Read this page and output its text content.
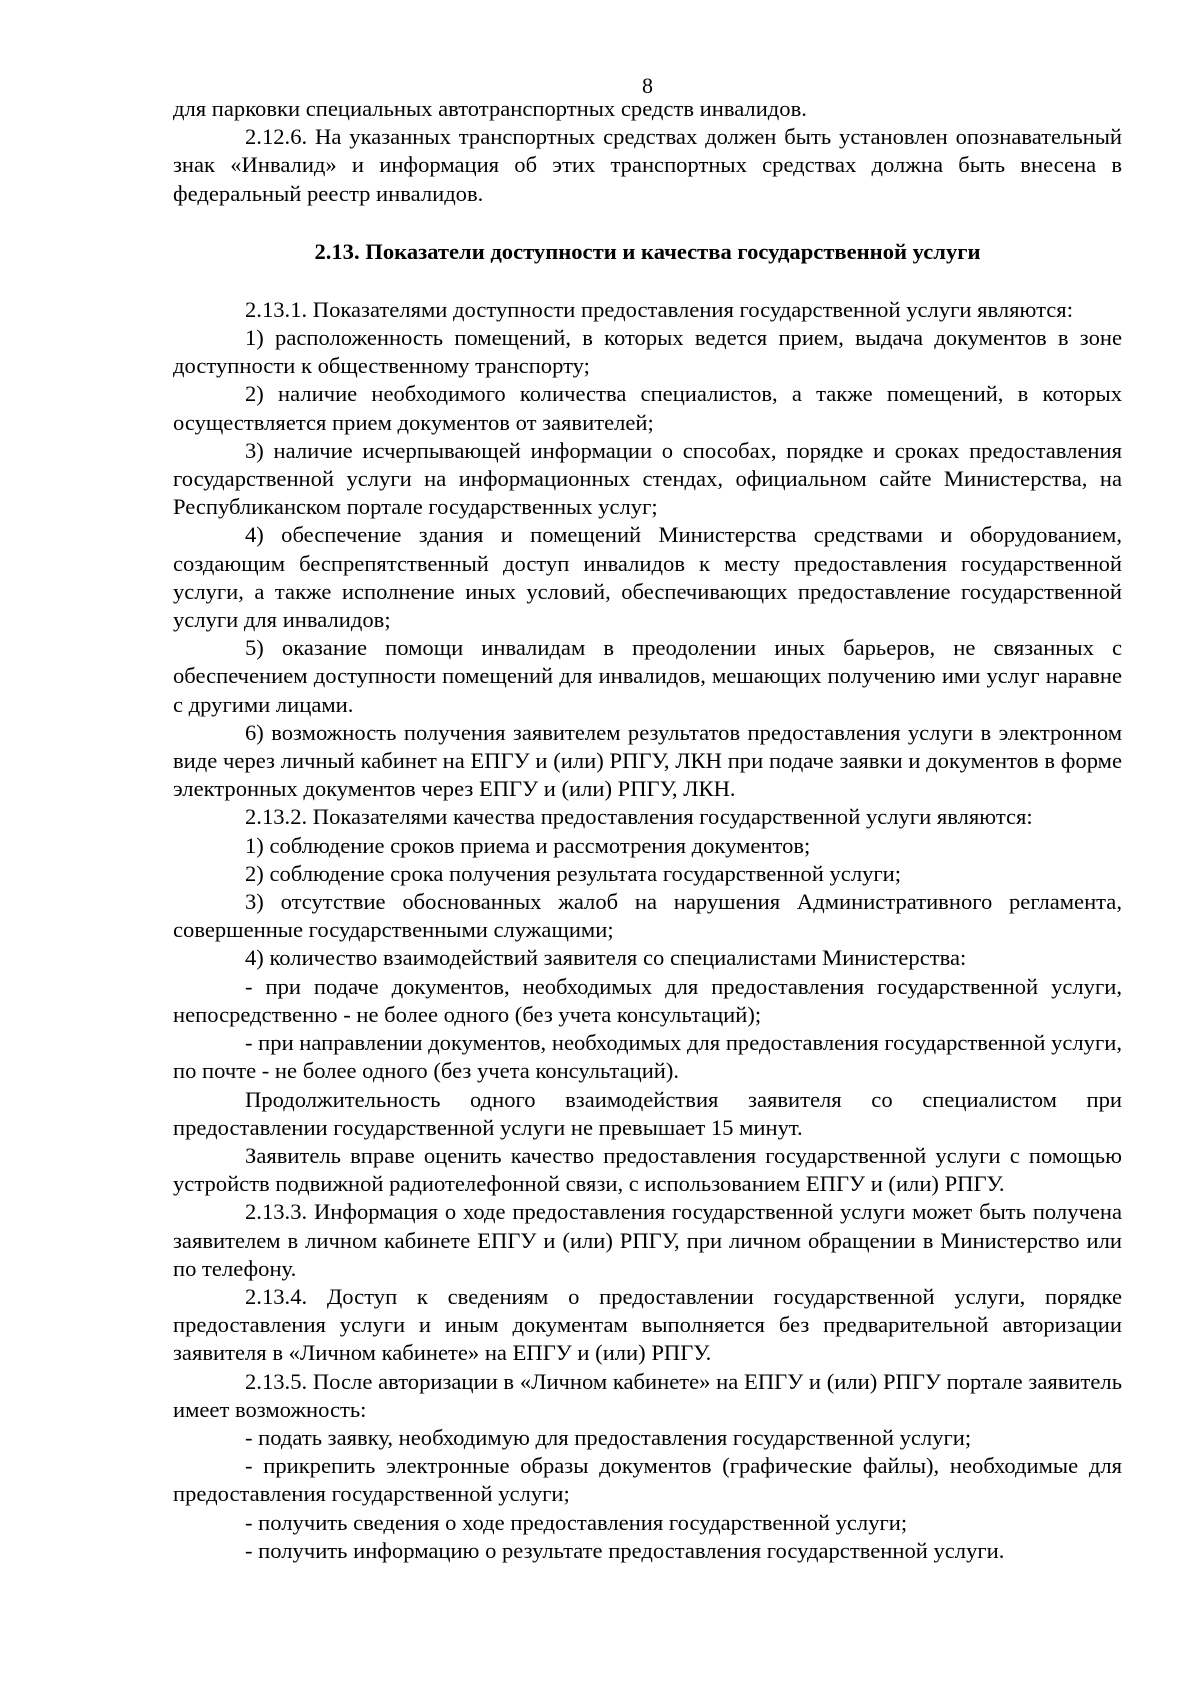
8

для парковки специальных автотранспортных средств инвалидов.

2.12.6. На указанных транспортных средствах должен быть установлен опознавательный знак «Инвалид» и информация об этих транспортных средствах должна быть внесена в федеральный реестр инвалидов.

2.13. Показатели доступности и качества государственной услуги

2.13.1. Показателями доступности предоставления государственной услуги являются:

1) расположенность помещений, в которых ведется прием, выдача документов в зоне доступности к общественному транспорту;

2) наличие необходимого количества специалистов, а также помещений, в которых осуществляется прием документов от заявителей;

3) наличие исчерпывающей информации о способах, порядке и сроках предоставления государственной услуги на информационных стендах, официальном сайте Министерства, на Республиканском портале государственных услуг;

4) обеспечение здания и помещений Министерства средствами и оборудованием, создающим беспрепятственный доступ инвалидов к месту предоставления государственной услуги, а также исполнение иных условий, обеспечивающих предоставление государственной услуги для инвалидов;

5) оказание помощи инвалидам в преодолении иных барьеров, не связанных с обеспечением доступности помещений для инвалидов, мешающих получению ими услуг наравне с другими лицами.

6) возможность получения заявителем результатов предоставления услуги в электронном виде через личный кабинет на ЕПГУ и (или) РПГУ, ЛКН при подаче заявки и документов в форме электронных документов через ЕПГУ и (или) РПГУ, ЛКН.

2.13.2. Показателями качества предоставления государственной услуги являются:

1) соблюдение сроков приема и рассмотрения документов;

2) соблюдение срока получения результата государственной услуги;

3) отсутствие обоснованных жалоб на нарушения Административного регламента, совершенные государственными служащими;

4) количество взаимодействий заявителя со специалистами Министерства:

- при подаче документов, необходимых для предоставления государственной услуги, непосредственно - не более одного (без учета консультаций);

- при направлении документов, необходимых для предоставления государственной услуги, по почте - не более одного (без учета консультаций).

Продолжительность одного взаимодействия заявителя со специалистом при предоставлении государственной услуги не превышает 15 минут.

Заявитель вправе оценить качество предоставления государственной услуги с помощью устройств подвижной радиотелефонной связи, с использованием ЕПГУ и (или) РПГУ.

2.13.3. Информация о ходе предоставления государственной услуги может быть получена заявителем в личном кабинете ЕПГУ и (или) РПГУ, при личном обращении в Министерство или по телефону.

2.13.4. Доступ к сведениям о предоставлении государственной услуги, порядке предоставления услуги и иным документам выполняется без предварительной авторизации заявителя в «Личном кабинете» на ЕПГУ и (или) РПГУ.

2.13.5. После авторизации в «Личном кабинете» на ЕПГУ и (или) РПГУ портале заявитель имеет возможность:

- подать заявку, необходимую для предоставления государственной услуги;

- прикрепить электронные образы документов (графические файлы), необходимые для предоставления государственной услуги;

- получить сведения о ходе предоставления государственной услуги;

- получить информацию о результате предоставления государственной услуги.
